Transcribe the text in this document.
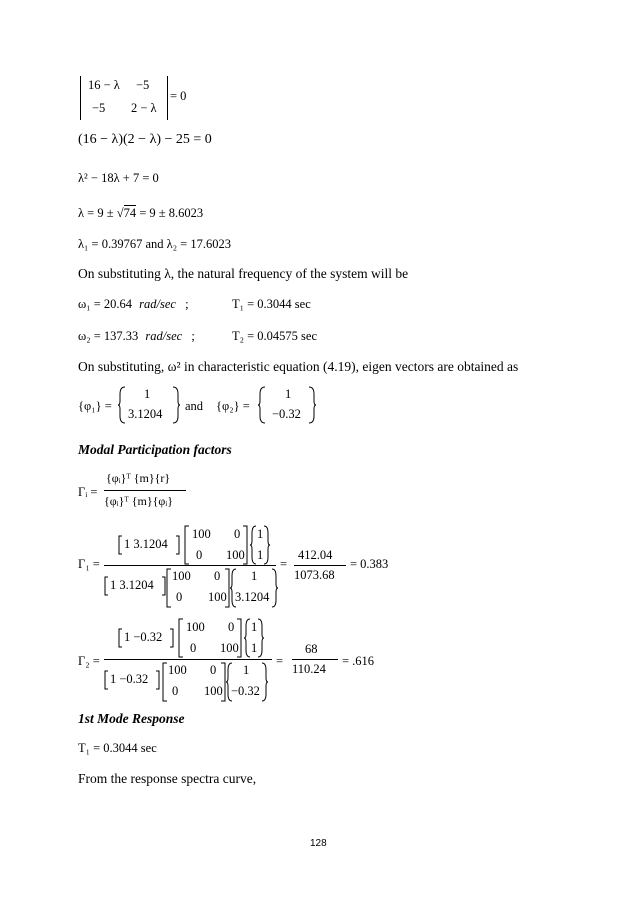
16 − λ −5
−5 2 − λ
= 0
(16 − λ)(2 − λ) − 25 = 0
λ² − 18λ + 7 = 0
λ = 9 ± √74 = 9 ± 8.6023
λ₁ = 0.39767 and λ₂ = 17.6023
On substituting λ, the natural frequency of the system will be
ω₁ = 20.64 rad/sec ;	T₁ = 0.3044 sec
ω₂ = 137.33 rad/sec ;	T₂ = 0.04575 sec
On substituting, ω² in characteristic equation (4.19), eigen vectors are obtained as
{φ₁} =
1
3.1204
and {φ₂} =
1
−0.32
Modal Participation factors
Γᵢ =
{φᵢ}ᵀ {m}{r}
{φᵢ}ᵀ {m}{φᵢ}
Γ₁ =
1 3.1204
100 0
0 100
1
1
1 3.1204
100 0
0 100
1
3.1204
=
412.04
1073.68
= 0.383
Γ₂ =
1 −0.32
100 0
0 100
1
1
1 −0.32
100 0
0 100
1
−0.32
=
68
110.24
= .616
1st Mode Response
T₁ = 0.3044 sec
From the response spectra curve,
128
